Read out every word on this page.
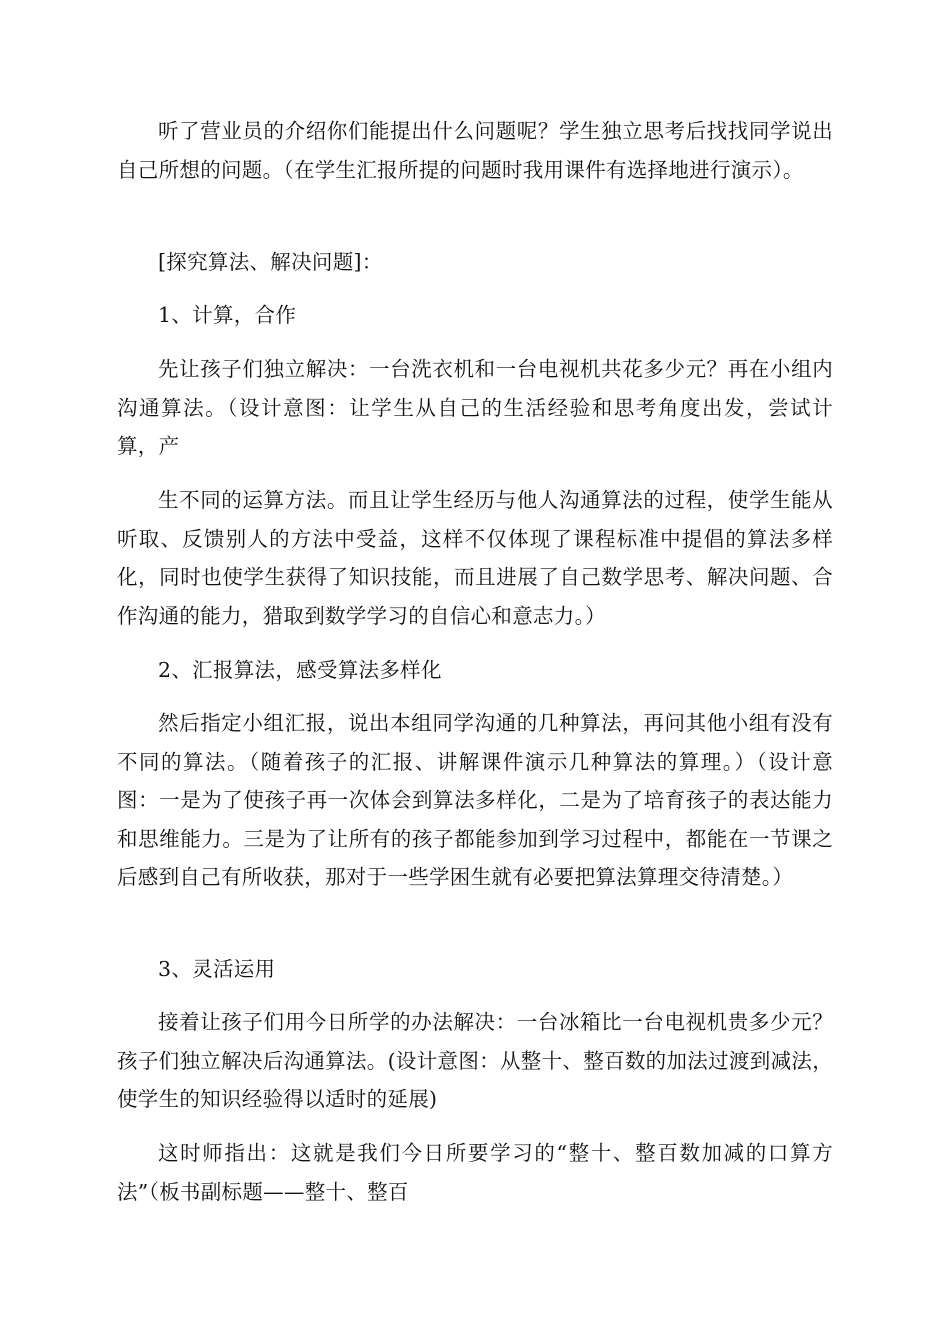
听了营业员的介绍你们能提出什么问题呢？学生独立思考后找找同学说出自己所想的问题。（在学生汇报所提的问题时我用课件有选择地进行演示）。

[探究算法、解决问题]：

1、计算，合作

先让孩子们独立解决：一台洗衣机和一台电视机共花多少元？再在小组内沟通算法。（设计意图：让学生从自己的生活经验和思考角度出发，尝试计算，产

生不同的运算方法。而且让学生经历与他人沟通算法的过程，使学生能从听取、反馈别人的方法中受益，这样不仅体现了课程标准中提倡的算法多样化，同时也使学生获得了知识技能，而且进展了自己数学思考、解决问题、合作沟通的能力，猎取到数学学习的自信心和意志力。）

2、汇报算法，感受算法多样化

然后指定小组汇报，说出本组同学沟通的几种算法，再问其他小组有没有不同的算法。（随着孩子的汇报、讲解课件演示几种算法的算理。）（设计意图：一是为了使孩子再一次体会到算法多样化，二是为了培育孩子的表达能力和思维能力。三是为了让所有的孩子都能参加到学习过程中，都能在一节课之后感到自己有所收获，那对于一些学困生就有必要把算法算理交待清楚。）

3、灵活运用

接着让孩子们用今日所学的办法解决：一台冰箱比一台电视机贵多少元？孩子们独立解决后沟通算法。(设计意图：从整十、整百数的加法过渡到减法，使学生的知识经验得以适时的延展)

这时师指出：这就是我们今日所要学习的“整十、整百数加减的口算方法”（板书副标题——整十、整百
